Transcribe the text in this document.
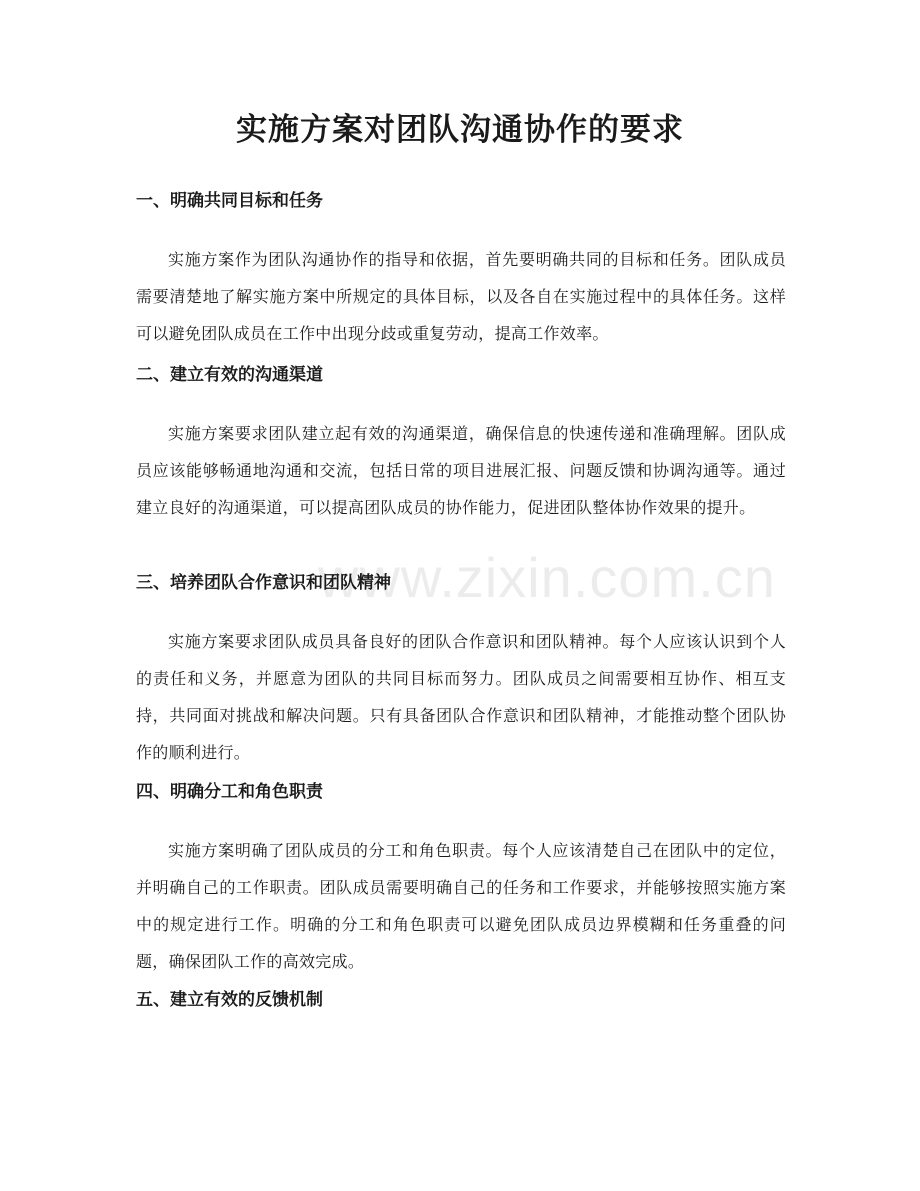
实施方案对团队沟通协作的要求
www.zixin.com.cn
一、明确共同目标和任务

实施方案作为团队沟通协作的指导和依据，首先要明确共同的目标和任务。团队成员需要清楚地了解实施方案中所规定的具体目标，以及各自在实施过程中的具体任务。这样可以避免团队成员在工作中出现分歧或重复劳动，提高工作效率。

二、建立有效的沟通渠道

实施方案要求团队建立起有效的沟通渠道，确保信息的快速传递和准确理解。团队成员应该能够畅通地沟通和交流，包括日常的项目进展汇报、问题反馈和协调沟通等。通过建立良好的沟通渠道，可以提高团队成员的协作能力，促进团队整体协作效果的提升。

三、培养团队合作意识和团队精神

实施方案要求团队成员具备良好的团队合作意识和团队精神。每个人应该认识到个人的责任和义务，并愿意为团队的共同目标而努力。团队成员之间需要相互协作、相互支持，共同面对挑战和解决问题。只有具备团队合作意识和团队精神，才能推动整个团队协作的顺利进行。

四、明确分工和角色职责

实施方案明确了团队成员的分工和角色职责。每个人应该清楚自己在团队中的定位，并明确自己的工作职责。团队成员需要明确自己的任务和工作要求，并能够按照实施方案中的规定进行工作。明确的分工和角色职责可以避免团队成员边界模糊和任务重叠的问题，确保团队工作的高效完成。

五、建立有效的反馈机制
